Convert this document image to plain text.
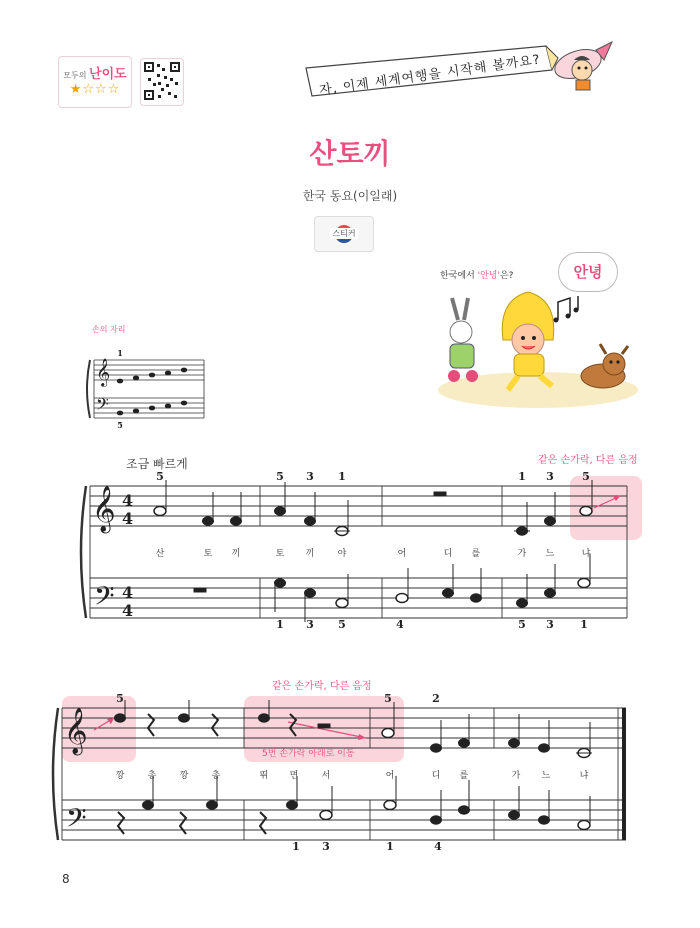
모두의 난이도
★☆☆☆	자, 이제 세계여행을 시작해 볼까요?
산토끼
한국 동요(이일래)
스티커
한국에서 '안녕'은?	안녕
손의 자리
𝄞
𝄢
1
5
조금 빠르게	같은 손가락, 다른 음정
𝄞
𝄢
4
4
4
4
5	5 3 1	1 3	5
산	토	끼	토	끼	야	어	디	를	가	느	냐
1 3 5	4	5 3 1
같은 손가락, 다른 음정
𝄞
𝄢
5번 손가락 아래로 이동
5	5	2
깡	총	깡	총	뛰	면	서	어	디	를	가	느	냐
1 3	1	4
8
